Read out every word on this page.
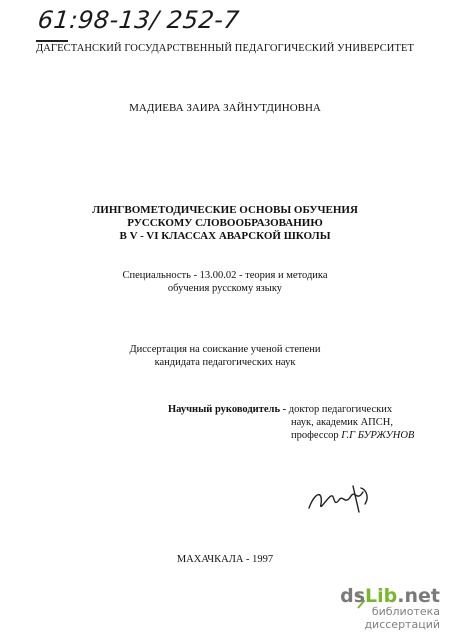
61:98-13/ 252-7
ДАГЕСТАНСКИЙ ГОСУДАРСТВЕННЫЙ ПЕДАГОГИЧЕСКИЙ УНИВЕРСИТЕТ
МАДИЕВА ЗАИРА ЗАЙНУТДИНОВНА
ЛИНГВОМЕТОДИЧЕСКИЕ ОСНОВЫ ОБУЧЕНИЯ
РУССКОМУ СЛОВООБРАЗОВАНИЮ
В V - VI КЛАССАХ АВАРСКОЙ ШКОЛЫ
Специальность - 13.00.02 - теория и методика
обучения русскому языку
Диссертация на соискание ученой степени
кандидата педагогических наук
Научный руководитель - доктор педагогических
наук, академик АПСН,
профессор Г.Г БУРЖУНОВ
МАХАЧКАЛА - 1997
dsLib.net
библиотека диссертаций
